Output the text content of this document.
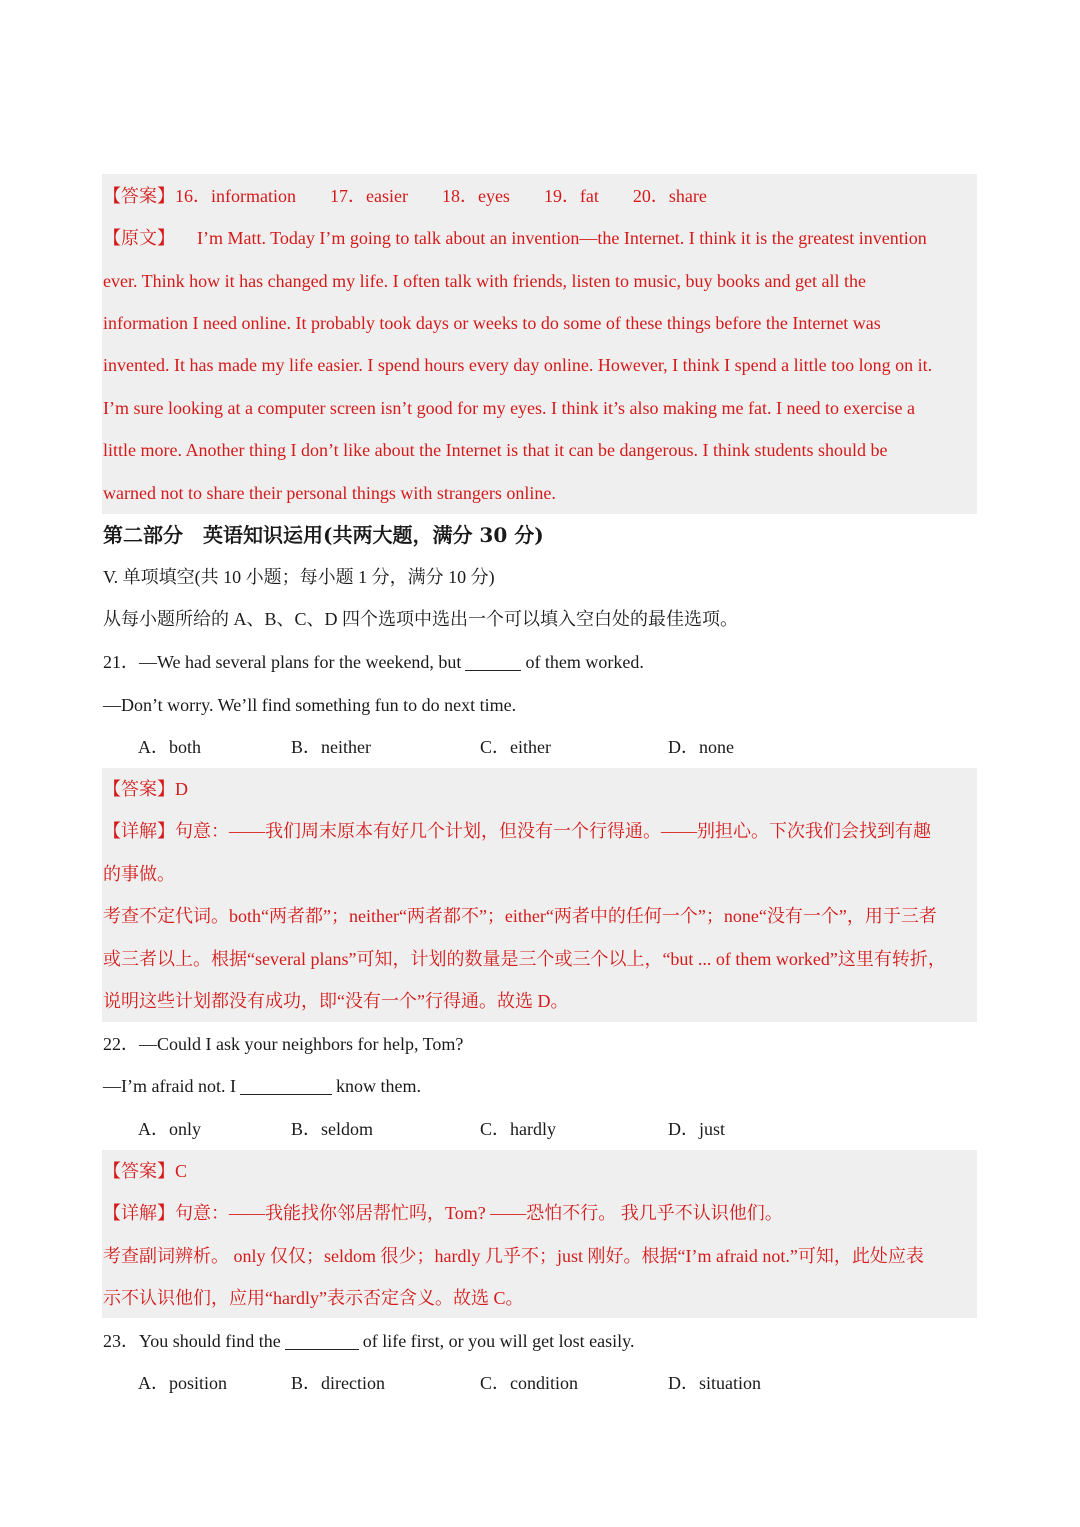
【答案】16．information 17．easier 18．eyes 19．fat 20．share
【原文】 I’m Matt. Today I’m going to talk about an invention—the Internet. I think it is the greatest invention
ever. Think how it has changed my life. I often talk with friends, listen to music, buy books and get all the
information I need online. It probably took days or weeks to do some of these things before the Internet was
invented. It has made my life easier. I spend hours every day online. However, I think I spend a little too long on it.
I’m sure looking at a computer screen isn’t good for my eyes. I think it’s also making me fat. I need to exercise a
little more. Another thing I don’t like about the Internet is that it can be dangerous. I think students should be
warned not to share their personal things with strangers online.
第二部分　英语知识运用(共两大题，满分 30 分)
V. 单项填空(共 10 小题；每小题 1 分，满分 10 分)
从每小题所给的 A、B、C、D 四个选项中选出一个可以填入空白处的最佳选项。
21．—We had several plans for the weekend, but	of them worked.
—Don’t worry. We’ll find something fun to do next time.
A．both	B．neither	C．either	D．none
【答案】D
【详解】句意：——我们周末原本有好几个计划，但没有一个行得通。——别担心。下次我们会找到有趣
的事做。
考查不定代词。both“两者都”；neither“两者都不”；either“两者中的任何一个”；none“没有一个”，用于三者
或三者以上。根据“several plans”可知，计划的数量是三个或三个以上，“but ... of them worked”这里有转折，
说明这些计划都没有成功，即“没有一个”行得通。故选 D。
22．—Could I ask your neighbors for help, Tom?
—I’m afraid not. I	know them.
A．only	B．seldom	C．hardly	D．just
【答案】C
【详解】句意：——我能找你邻居帮忙吗，Tom? ——恐怕不行。 我几乎不认识他们。
考查副词辨析。 only 仅仅；seldom 很少；hardly 几乎不；just 刚好。根据“I’m afraid not.”可知，此处应表
示不认识他们，应用“hardly”表示否定含义。故选 C。
23．You should find the	of life first, or you will get lost easily.
A．position	B．direction	C．condition	D．situation
